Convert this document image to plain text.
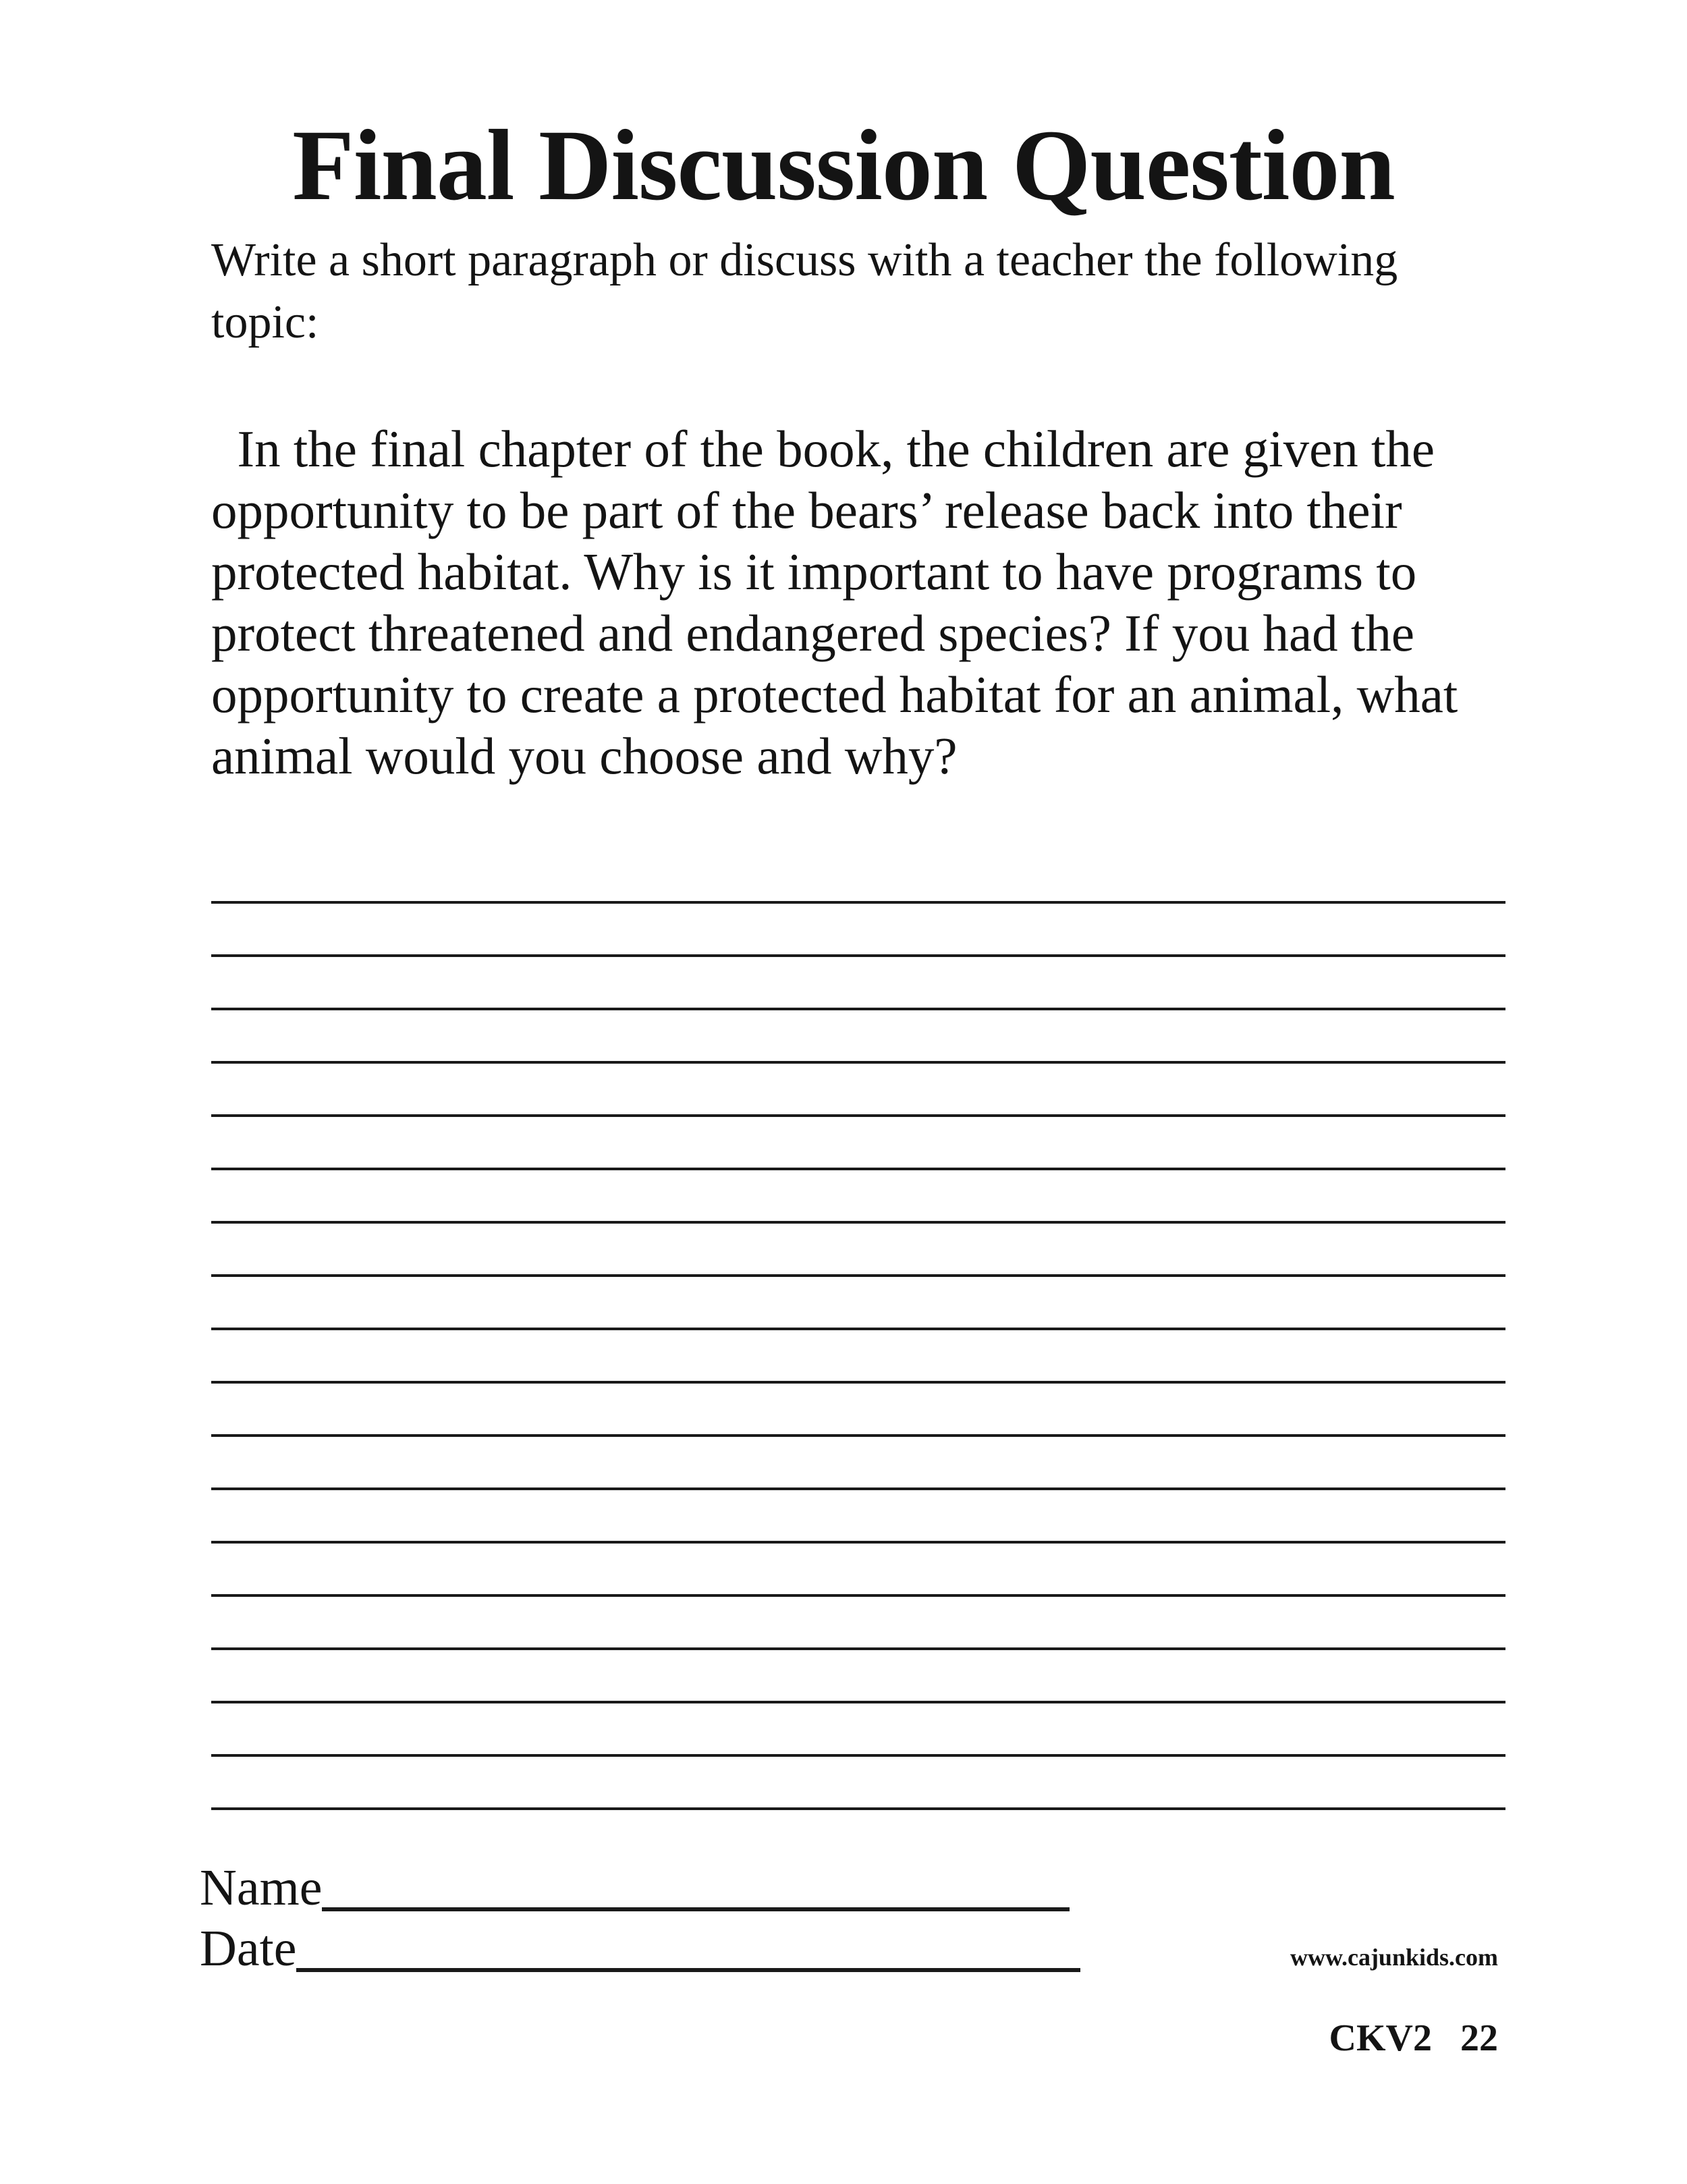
Final Discussion Question

Write a short paragraph or discuss with a teacher the following topic:

In the final chapter of the book, the children are given the opportunity to be part of the bears’ release back into their protected habitat. Why is it important to have programs to protect threatened and endangered species? If you had the opportunity to create a protected habitat for an animal, what animal would you choose and why?

Name
Date	www.cajunkids.com
CKV2 22
